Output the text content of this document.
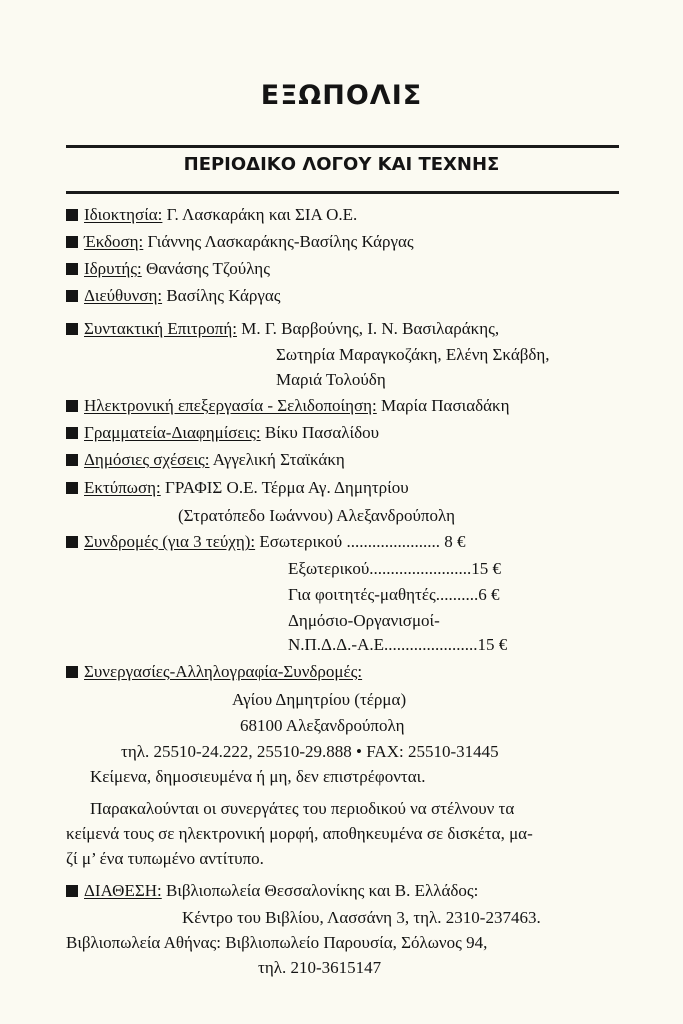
ΕΞΩΠΟΛΙΣ
ΠΕΡΙΟΔΙΚΟ ΛΟΓΟΥ ΚΑΙ ΤΕΧΝΗΣ
Ιδιοκτησία: Γ. Λασκαράκη και ΣΙΑ Ο.Ε.
Έκδοση: Γιάννης Λασκαράκης-Βασίλης Κάργας
Ιδρυτής: Θανάσης Τζούλης
Διεύθυνση: Βασίλης Κάργας
Συντακτική Επιτροπή: Μ. Γ. Βαρβούνης, Ι. Ν. Βασιλαράκης,
Σωτηρία Μαραγκοζάκη, Ελένη Σκάβδη,
Μαριά Τολούδη
Ηλεκτρονική επεξεργασία - Σελιδοποίηση: Μαρία Πασιαδάκη
Γραμματεία-Διαφημίσεις: Βίκυ Πασαλίδου
Δημόσιες σχέσεις: Αγγελική Σταϊκάκη
Εκτύπωση: ΓΡΑΦΙΣ Ο.Ε. Τέρμα Αγ. Δημητρίου
(Στρατόπεδο Ιωάννου) Αλεξανδρούπολη
Συνδρομές (για 3 τεύχη): Εσωτερικού ...................... 8 €
Εξωτερικού........................15 €
Για φοιτητές-μαθητές..........6 €
Δημόσιο-Οργανισμοί-
Ν.Π.Δ.Δ.-Α.Ε......................15 €
Συνεργασίες-Αλληλογραφία-Συνδρομές:
Αγίου Δημητρίου (τέρμα)
68100 Αλεξανδρούπολη
τηλ. 25510-24.222, 25510-29.888 • FAX: 25510-31445
Κείμενα, δημοσιευμένα ή μη, δεν επιστρέφονται.
Παρακαλούνται οι συνεργάτες του περιοδικού να στέλνουν τα
κείμενά τους σε ηλεκτρονική μορφή, αποθηκευμένα σε δισκέτα, μα-
ζί μ’ ένα τυπωμένο αντίτυπο.
ΔΙΑΘΕΣΗ: Βιβλιοπωλεία Θεσσαλονίκης και Β. Ελλάδος:
Κέντρο του Βιβλίου, Λασσάνη 3, τηλ. 2310-237463.
Βιβλιοπωλεία Αθήνας: Βιβλιοπωλείο Παρουσία, Σόλωνος 94,
τηλ. 210-3615147
